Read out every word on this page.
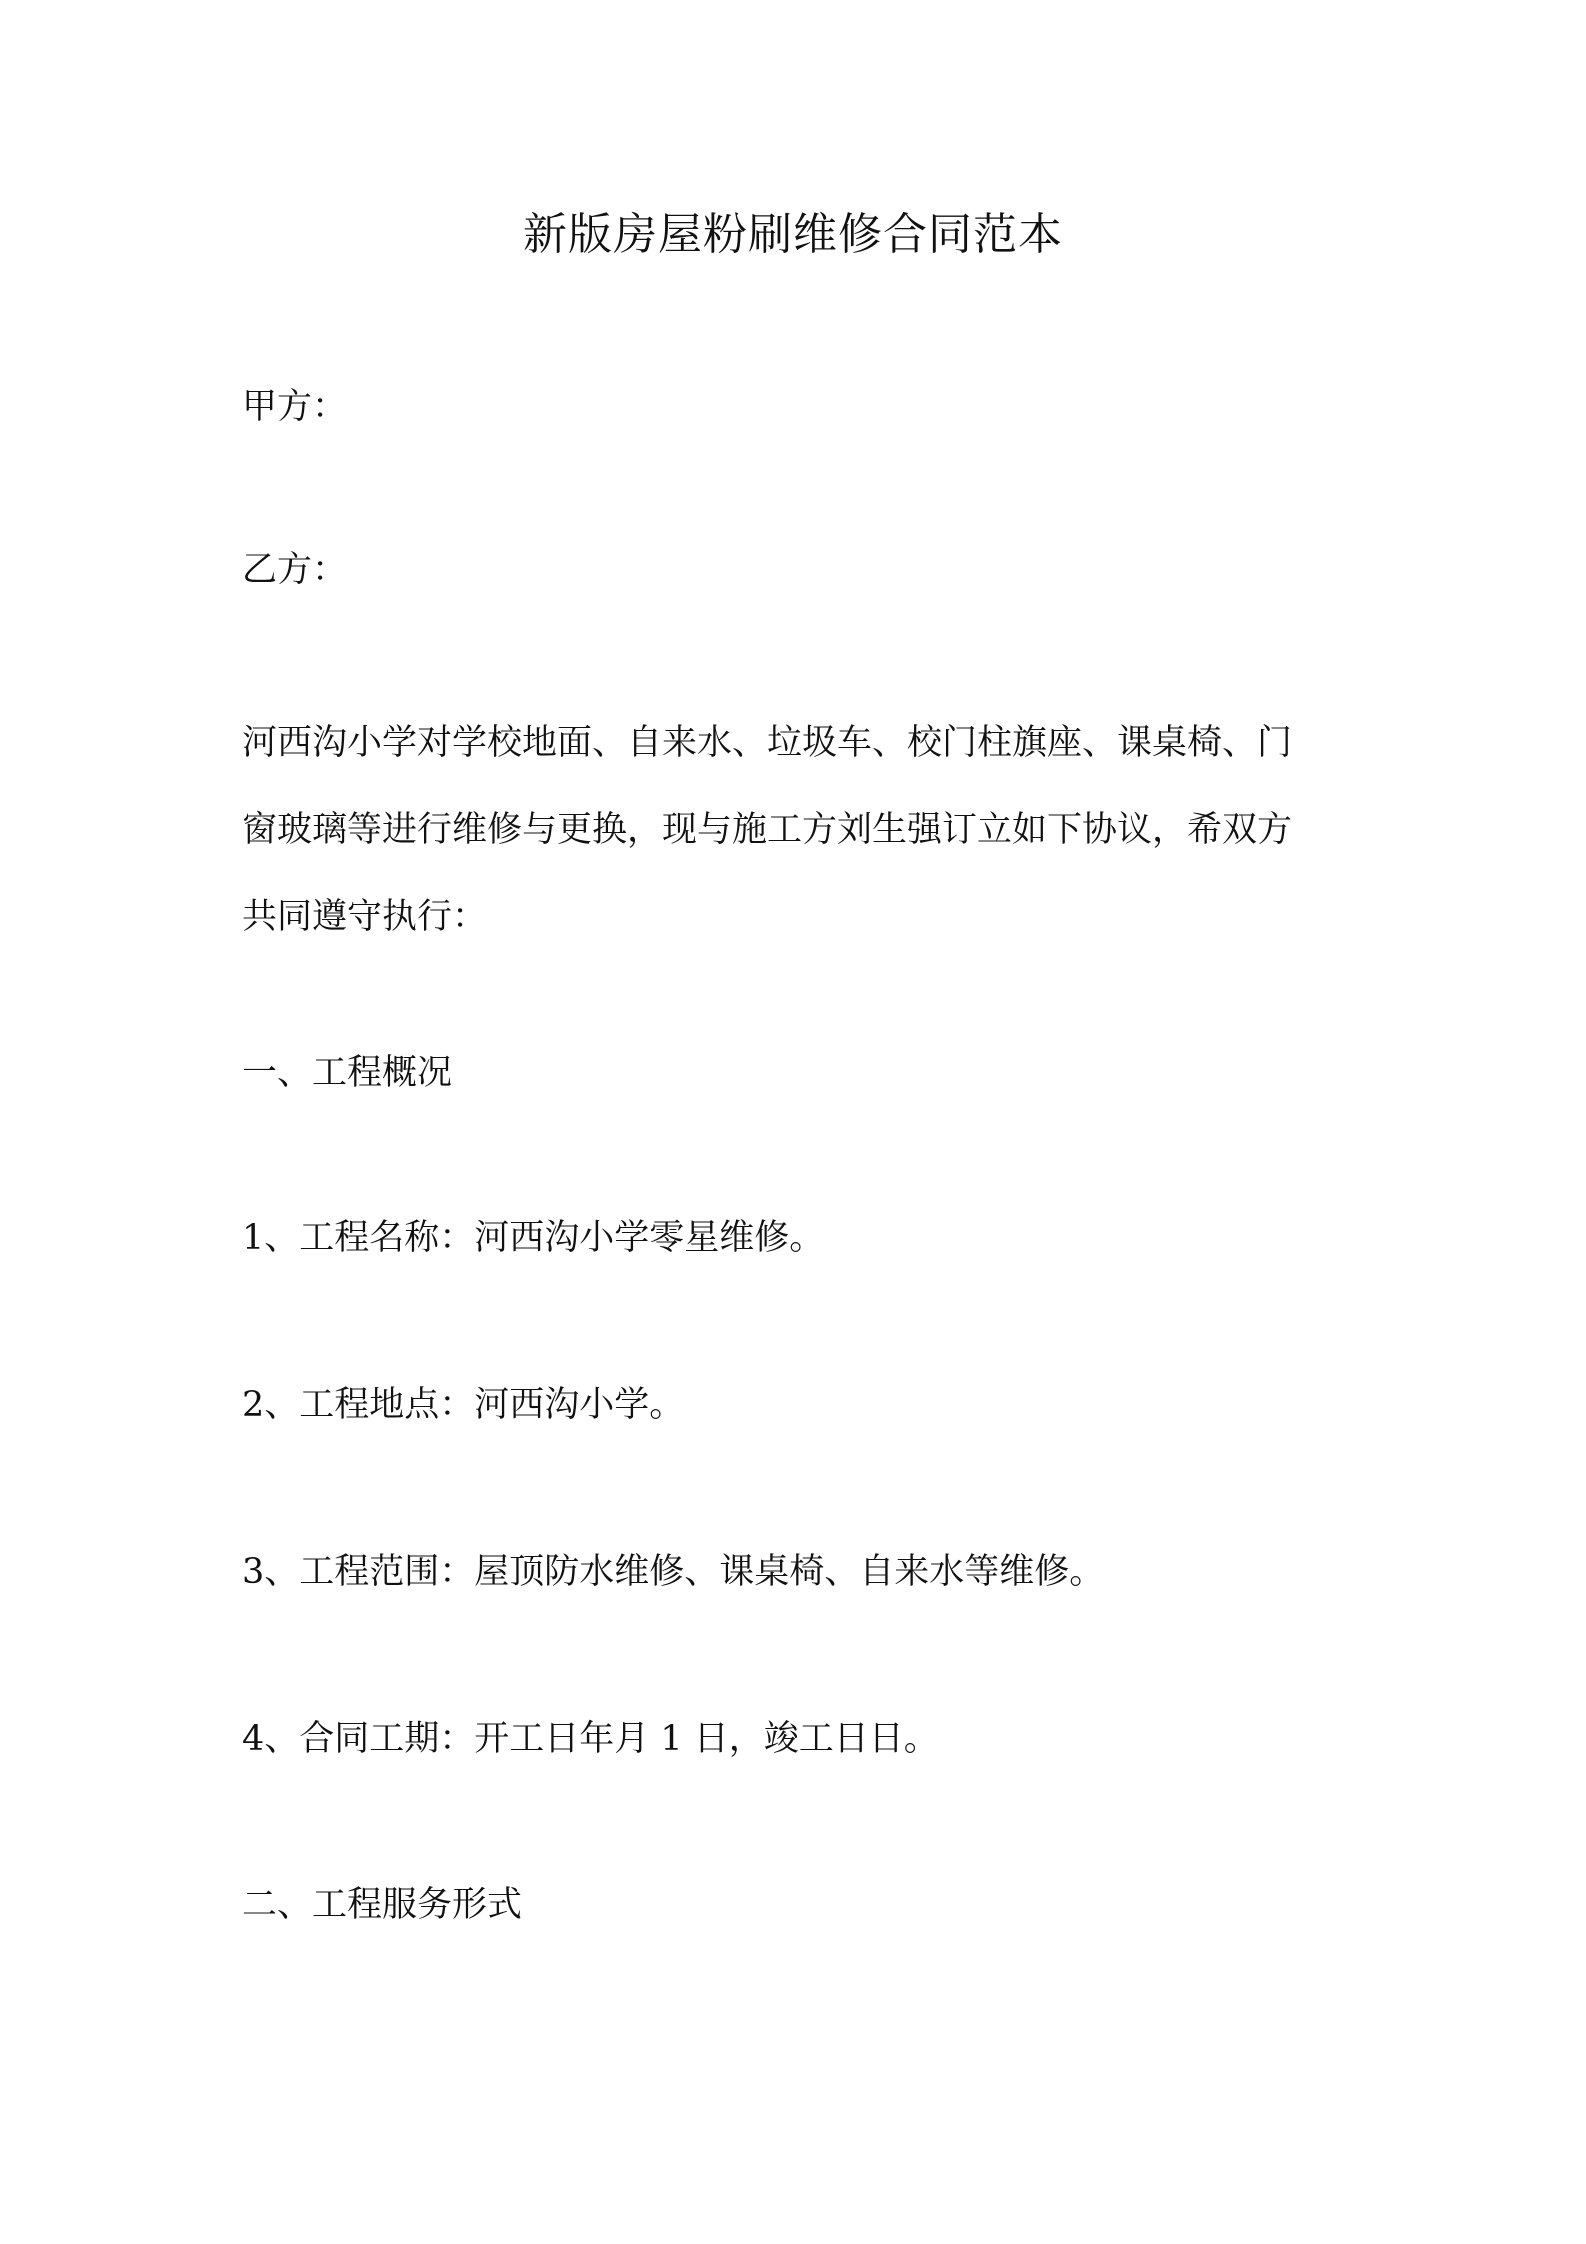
新版房屋粉刷维修合同范本
甲方：
乙方：
河西沟小学对学校地面、自来水、垃圾车、校门柱旗座、课桌椅、门
窗玻璃等进行维修与更换，现与施工方刘生强订立如下协议，希双方
共同遵守执行：
一、工程概况
1、工程名称：河西沟小学零星维修。
2、工程地点：河西沟小学。
3、工程范围：屋顶防水维修、课桌椅、自来水等维修。
4、合同工期：开工日年月 1 日，竣工日日。
二、工程服务形式
